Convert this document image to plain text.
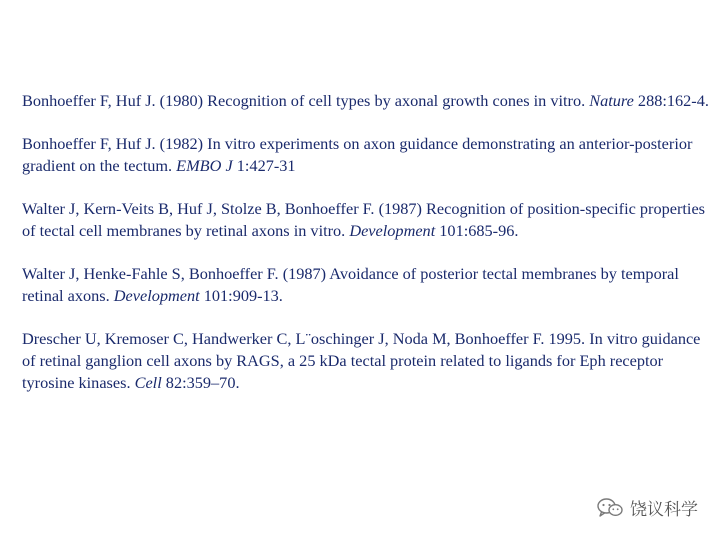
Bonhoeffer F, Huf J. (1980) Recognition of cell types by axonal growth cones in vitro. Nature 288:162-4.

Bonhoeffer F, Huf J. (1982) In vitro experiments on axon guidance demonstrating an anterior-posterior gradient on the tectum. EMBO J 1:427-31

Walter J, Kern-Veits B, Huf J, Stolze B, Bonhoeffer F. (1987) Recognition of position-specific properties of tectal cell membranes by retinal axons in vitro. Development 101:685-96.

Walter J, Henke-Fahle S, Bonhoeffer F. (1987) Avoidance of posterior tectal membranes by temporal retinal axons. Development 101:909-13.

Drescher U, Kremoser C, Handwerker C, L¨oschinger J, Noda M, Bonhoeffer F. 1995. In vitro guidance of retinal ganglion cell axons by RAGS, a 25 kDa tectal protein related to ligands for Eph receptor tyrosine kinases. Cell 82:359–70.

饶议科学
